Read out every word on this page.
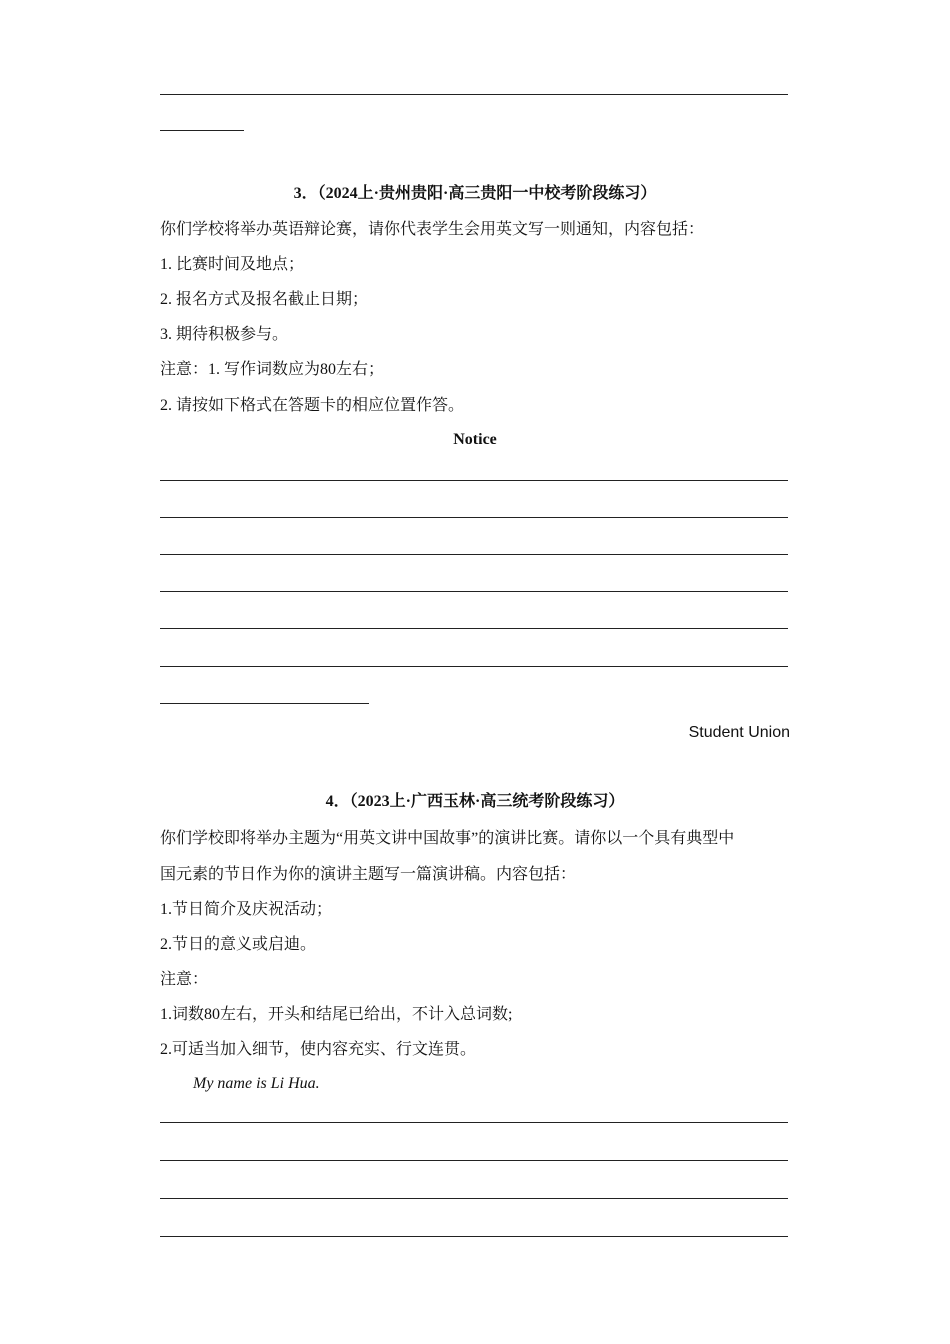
3．（2024上·贵州贵阳·高三贵阳一中校考阶段练习）

你们学校将举办英语辩论赛，请你代表学生会用英文写一则通知，内容包括：

1. 比赛时间及地点；

2. 报名方式及报名截止日期；

3. 期待积极参与。

注意：1. 写作词数应为80左右；

2. 请按如下格式在答题卡的相应位置作答。

Notice

Student Union

4．（2023上·广西玉林·高三统考阶段练习）

你们学校即将举办主题为“用英文讲中国故事”的演讲比赛。请你以一个具有典型中

国元素的节日作为你的演讲主题写一篇演讲稿。内容包括：

1.节日简介及庆祝活动；

2.节日的意义或启迪。

注意：

1.词数80左右，开头和结尾已给出，不计入总词数;

2.可适当加入细节，使内容充实、行文连贯。

My name is Li Hua.
